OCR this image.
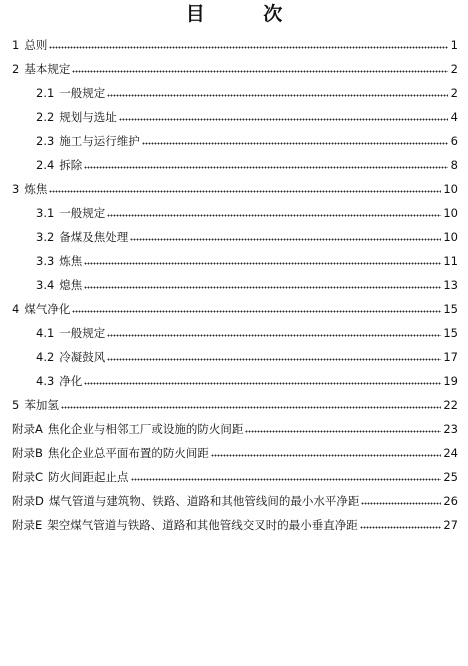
目 次
1 总则	1
2 基本规定	2
2.1 一般规定	2
2.2 规划与选址	4
2.3 施工与运行维护	6
2.4 拆除	8
3 炼焦	10
3.1 一般规定	10
3.2 备煤及焦处理	10
3.3 炼焦	11
3.4 熄焦	13
4 煤气净化	15
4.1 一般规定	15
4.2 冷凝鼓风	17
4.3 净化	19
5 苯加氢	22
附录A 焦化企业与相邻工厂或设施的防火间距	23
附录B 焦化企业总平面布置的防火间距	24
附录C 防火间距起止点	25
附录D 煤气管道与建筑物、铁路、道路和其他管线间的最小水平净距	26
附录E 架空煤气管道与铁路、道路和其他管线交叉时的最小垂直净距	27
